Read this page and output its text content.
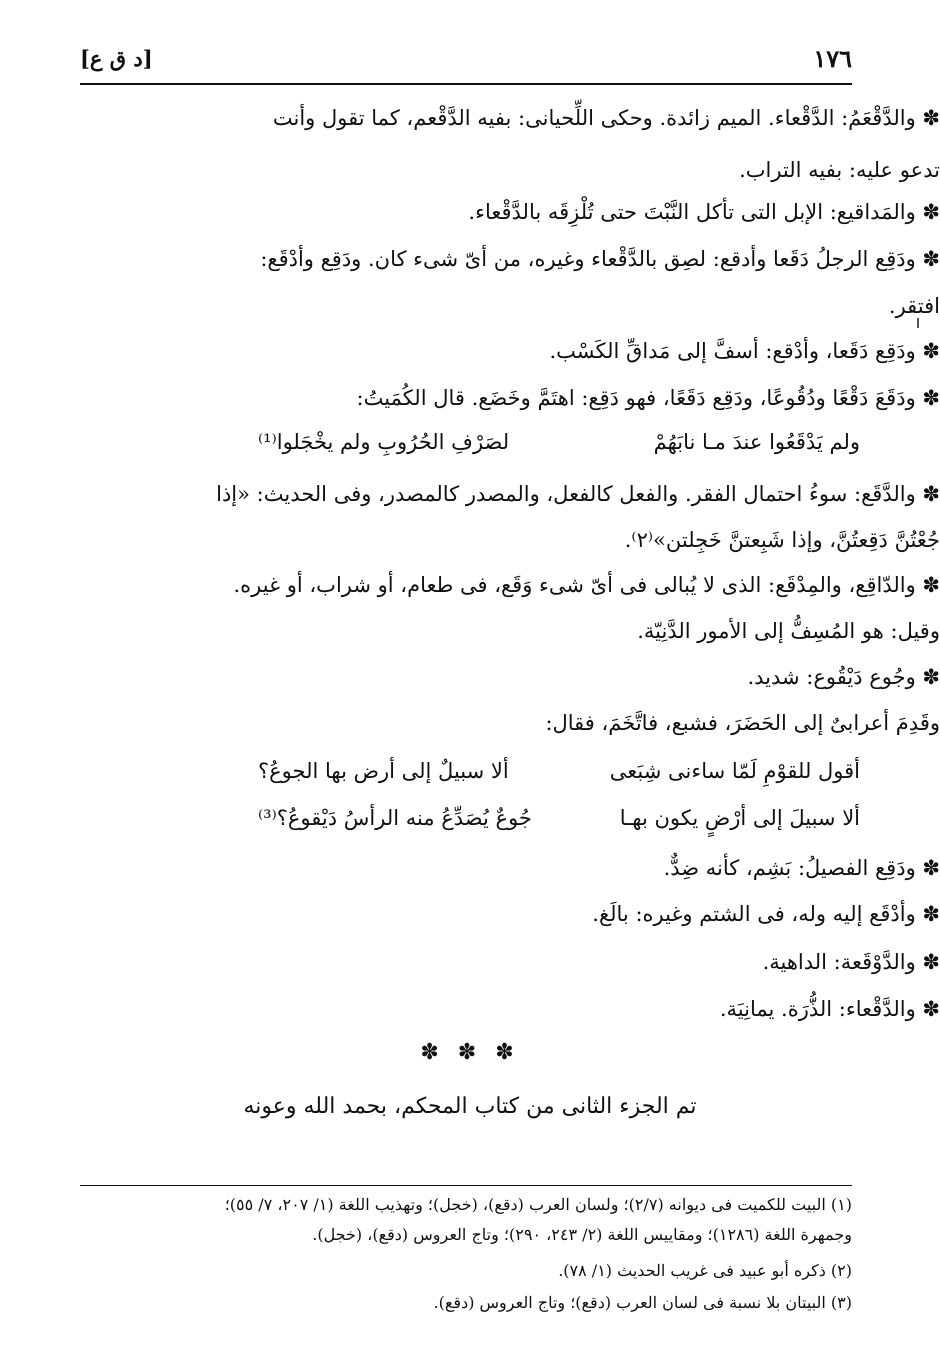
١٧٦
[د ق ع]
✽ والدَّقْعَمُ: الدَّقْعاء. الميم زائدة. وحكى اللِّحيانى: بفيه الدَّقْعم، كما تقول وأنت
تدعو عليه: بفيه التراب.
✽ والمَداقيع: الإبل التى تأكل النَّبْتَ حتى تُلْزِقَه بالدَّقْعاء.
✽ ودَقِع الرجلُ دَقَعا وأدقع: لصِق بالدَّقْعاء وغيره، من أىّ شىء كان. ودَقِع وأدْقَع:
افتقر.
✽ ودَقِع دَقَعا، وأدْقع: أسفَّ إلى مَداقِّ الكَسْب.
✽ ودَقَعَ دَقْعًا ودُقُوعًا، ودَقِع دَقَعًا، فهو دَقِع: اهتَمَّ وخَضَع. قال الكُمَيتُ:
ولم يَدْقَعُوا عندَ مـا نابَهُمْ
لصَرْفِ الحُرُوبِ ولم يخْجَلوا⁽¹⁾
✽ والدَّقَع: سوءُ احتمال الفقر. والفعل كالفعل، والمصدر كالمصدر، وفى الحديث: «إذا
جُعْتُنَّ دَقِعتُنَّ، وإذا شَبِعتنَّ خَجِلتن»⁽٢⁾.
✽ والدّاقِع، والمِدْقَع: الذى لا يُبالى فى أىّ شىء وَقَع، فى طعام، أو شراب، أو غيره.
وقيل: هو المُسِفُّ إلى الأمور الدَّنِيّة.
✽ وجُوع دَيْقُوع: شديد.
وقَدِمَ أعرابىٌ إلى الحَضَرَ، فشبع، فاتَّخَمَ، فقال:
أقول للقوْمِ لَمّا ساءنى شِبَعى
ألا سبيلٌ إلى أرض بها الجوعُ؟
ألا سبيلَ إلى أرْضٍ يكون بهـا
جُوعٌ يُصَدِّعُ منه الرأسُ دَيْقوعُ؟⁽³⁾
✽ ودَقِع الفصيلُ: بَشِم، كأنه ضِدٌّ.
✽ وأدْقَع إليه وله، فى الشتم وغيره: بالَغ.
✽ والدَّوْقَعة: الداهية.
✽ والدَّقْعاء: الذُّرَة. يمانِيَة.
✽ ✽ ✽
تم الجزء الثانى من كتاب المحكم، بحمد الله وعونه
(١) البيت للكميت فى ديوانه (٢/٧)؛ ولسان العرب (دقع)، (خجل)؛ وتهذيب اللغة (١/ ٢٠٧، ٧/ ٥٥)؛
وجمهرة اللغة (١٢٨٦)؛ ومقاييس اللغة (٢/ ٢٤٣، ٢٩٠)؛ وتاج العروس (دقع)، (خجل).
(٢) ذكره أبو عبيد فى غريب الحديث (١/ ٧٨).
(٣) البيتان بلا نسبة فى لسان العرب (دقع)؛ وتاج العروس (دقع).
